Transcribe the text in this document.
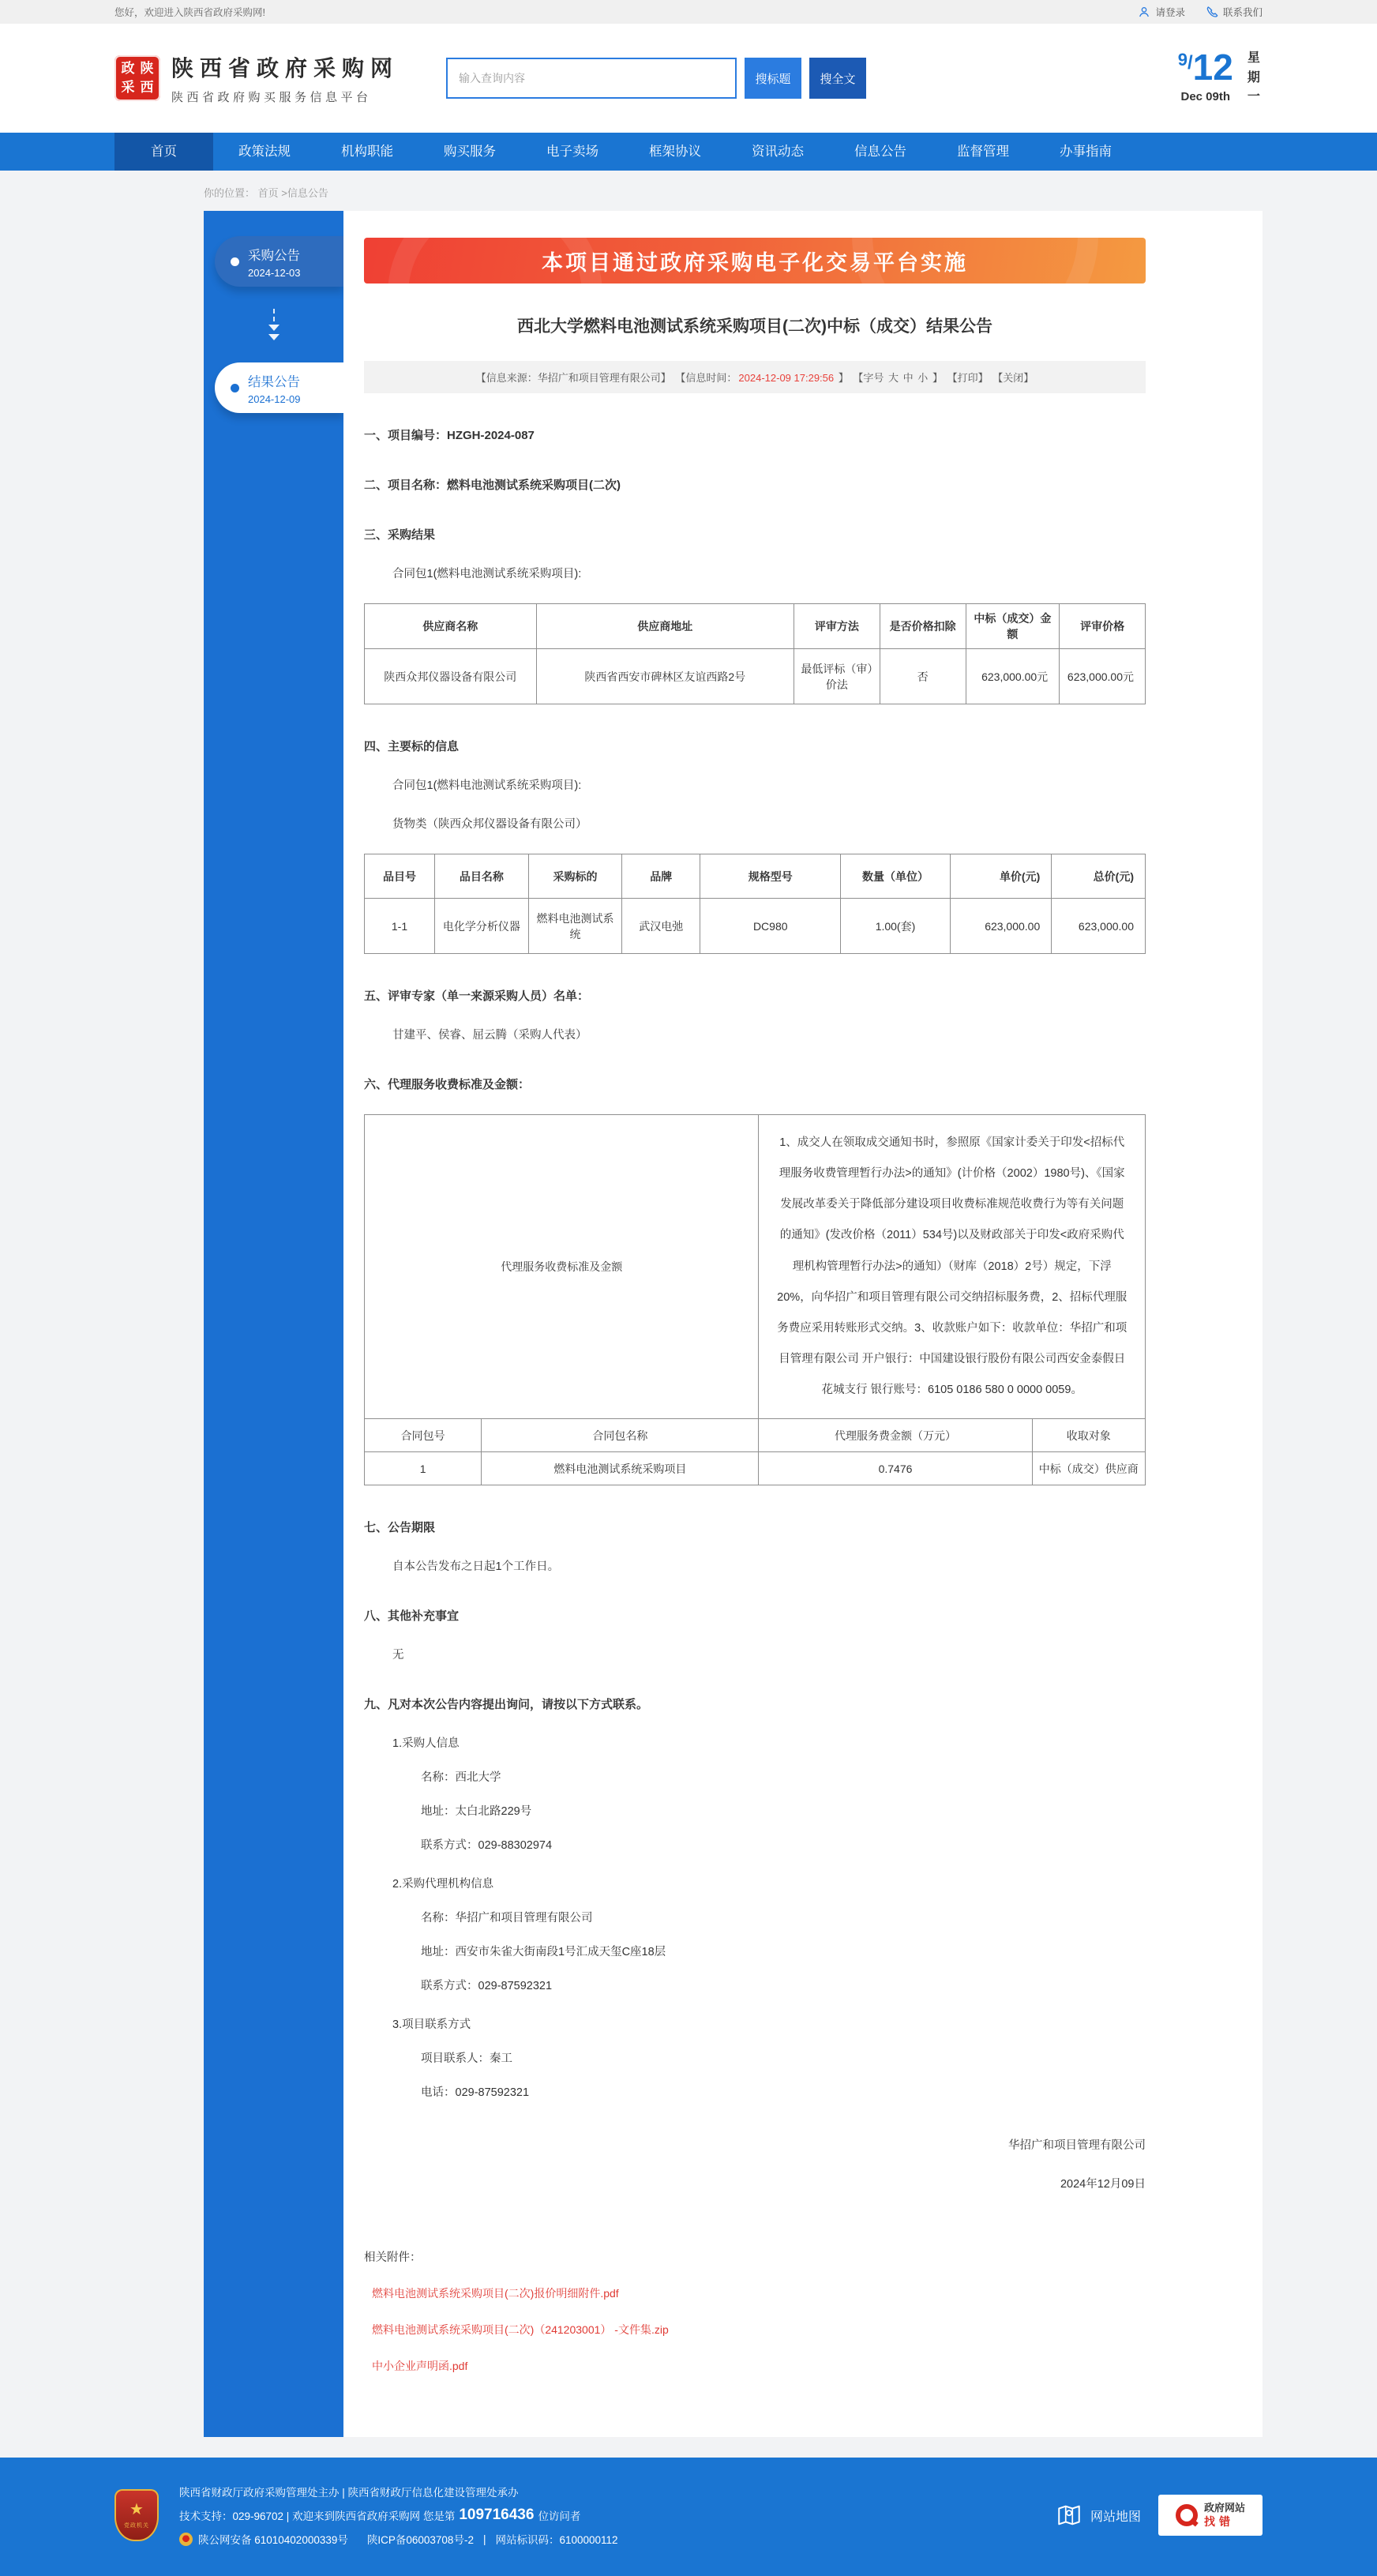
您好，欢迎进入陕西省政府采购网!	请登录	联系我们
政 陕
采 西
陕西省政府采购网
陕西省政府购买服务信息平台
输入查询内容
搜标题	搜全文
9/12
Dec 09th
星期一
首页	政策法规	机构职能	购买服务	电子卖场	框架协议	资讯动态	信息公告	监督管理	办事指南
你的位置： 首页 >信息公告
采购公告
2024-12-03
结果公告
2024-12-09
本项目通过政府采购电子化交易平台实施
西北大学燃料电池测试系统采购项目(二次)中标（成交）结果公告
【信息来源：华招广和项目管理有限公司】 【信息时间： 2024-12-09 17:29:56 】 【字号 大 中 小 】 【打印】 【关闭】
一、项目编号：HZGH-2024-087
二、项目名称：燃料电池测试系统采购项目(二次)
三、采购结果
合同包1(燃料电池测试系统采购项目):
供应商名称	供应商地址	评审方法	是否价格扣除	中标（成交）金额	评审价格
陕西众邦仪器设备有限公司	陕西省西安市碑林区友谊西路2号	最低评标（审）价法	否	623,000.00元	623,000.00元
四、主要标的信息
合同包1(燃料电池测试系统采购项目):
货物类（陕西众邦仪器设备有限公司）
品目号	品目名称	采购标的	品牌	规格型号	数量（单位）	单价(元)	总价(元)
1-1	电化学分析仪器	燃料电池测试系统	武汉电弛	DC980	1.00(套)	623,000.00	623,000.00
五、评审专家（单一来源采购人员）名单：
甘建平、侯睿、屈云腾（采购人代表）
六、代理服务收费标准及金额：
代理服务收费标准及金额		1、成交人在领取成交通知书时，参照原《国家计委关于印发<招标代理服务收费管理暂行办法>的通知》(计价格（2002）1980号)、《国家发展改革委关于降低部分建设项目收费标准规范收费行为等有关问题的通知》(发改价格（2011）534号)以及财政部关于印发<政府采购代理机构管理暂行办法>的通知）（财库（2018）2号）规定，下浮20%，向华招广和项目管理有限公司交纳招标服务费，2、招标代理服务费应采用转账形式交纳。3、收款账户如下：收款单位：华招广和项目管理有限公司 开户银行：中国建设银行股份有限公司西安金泰假日花城支行 银行账号：6105 0186 580 0 0000 0059。	
合同包号	合同包名称	代理服务费金额（万元）	收取对象
1	燃料电池测试系统采购项目	0.7476	中标（成交）供应商
七、公告期限
自本公告发布之日起1个工作日。
八、其他补充事宜
无
九、凡对本次公告内容提出询问，请按以下方式联系。
1.采购人信息
名称：西北大学
地址：太白北路229号
联系方式：029-88302974
2.采购代理机构信息
名称：华招广和项目管理有限公司
地址：西安市朱雀大街南段1号汇成天玺C座18层
联系方式：029-87592321
3.项目联系方式
项目联系人：秦工
电话：029-87592321
华招广和项目管理有限公司
2024年12月09日
相关附件：
燃料电池测试系统采购项目(二次)报价明细附件.pdf
燃料电池测试系统采购项目(二次)（241203001） -文件集.zip
中小企业声明函.pdf
★
党政机关
陕西省财政厅政府采购管理处主办 | 陕西省财政厅信息化建设管理处承办
技术支持：029-96702 | 欢迎来到陕西省政府采购网 您是第 109716436 位访问者
陕公网安备 61010402000339号 陕ICP备06003708号-2 | 网站标识码：6100000112
网站地图
政府网站
找错
